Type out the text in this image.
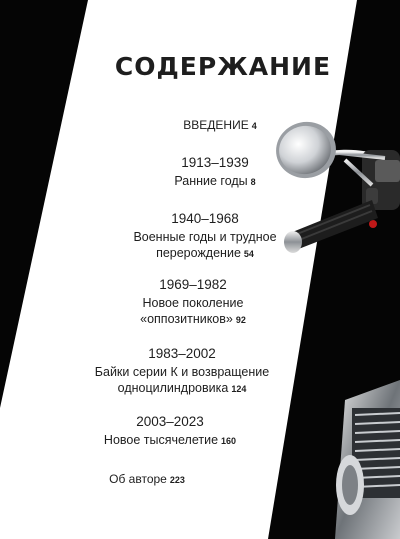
СОДЕРЖАНИЕ
ВВЕДЕНИЕ 4
1913–1939
Ранние годы 8
1940–1968
Военные годы и трудное
перерождение 54
1969–1982
Новое поколение
«оппозитников» 92
1983–2002
Байки серии К и возвращение
одноцилиндровика 124
2003–2023
Новое тысячелетие 160
Об авторе 223
